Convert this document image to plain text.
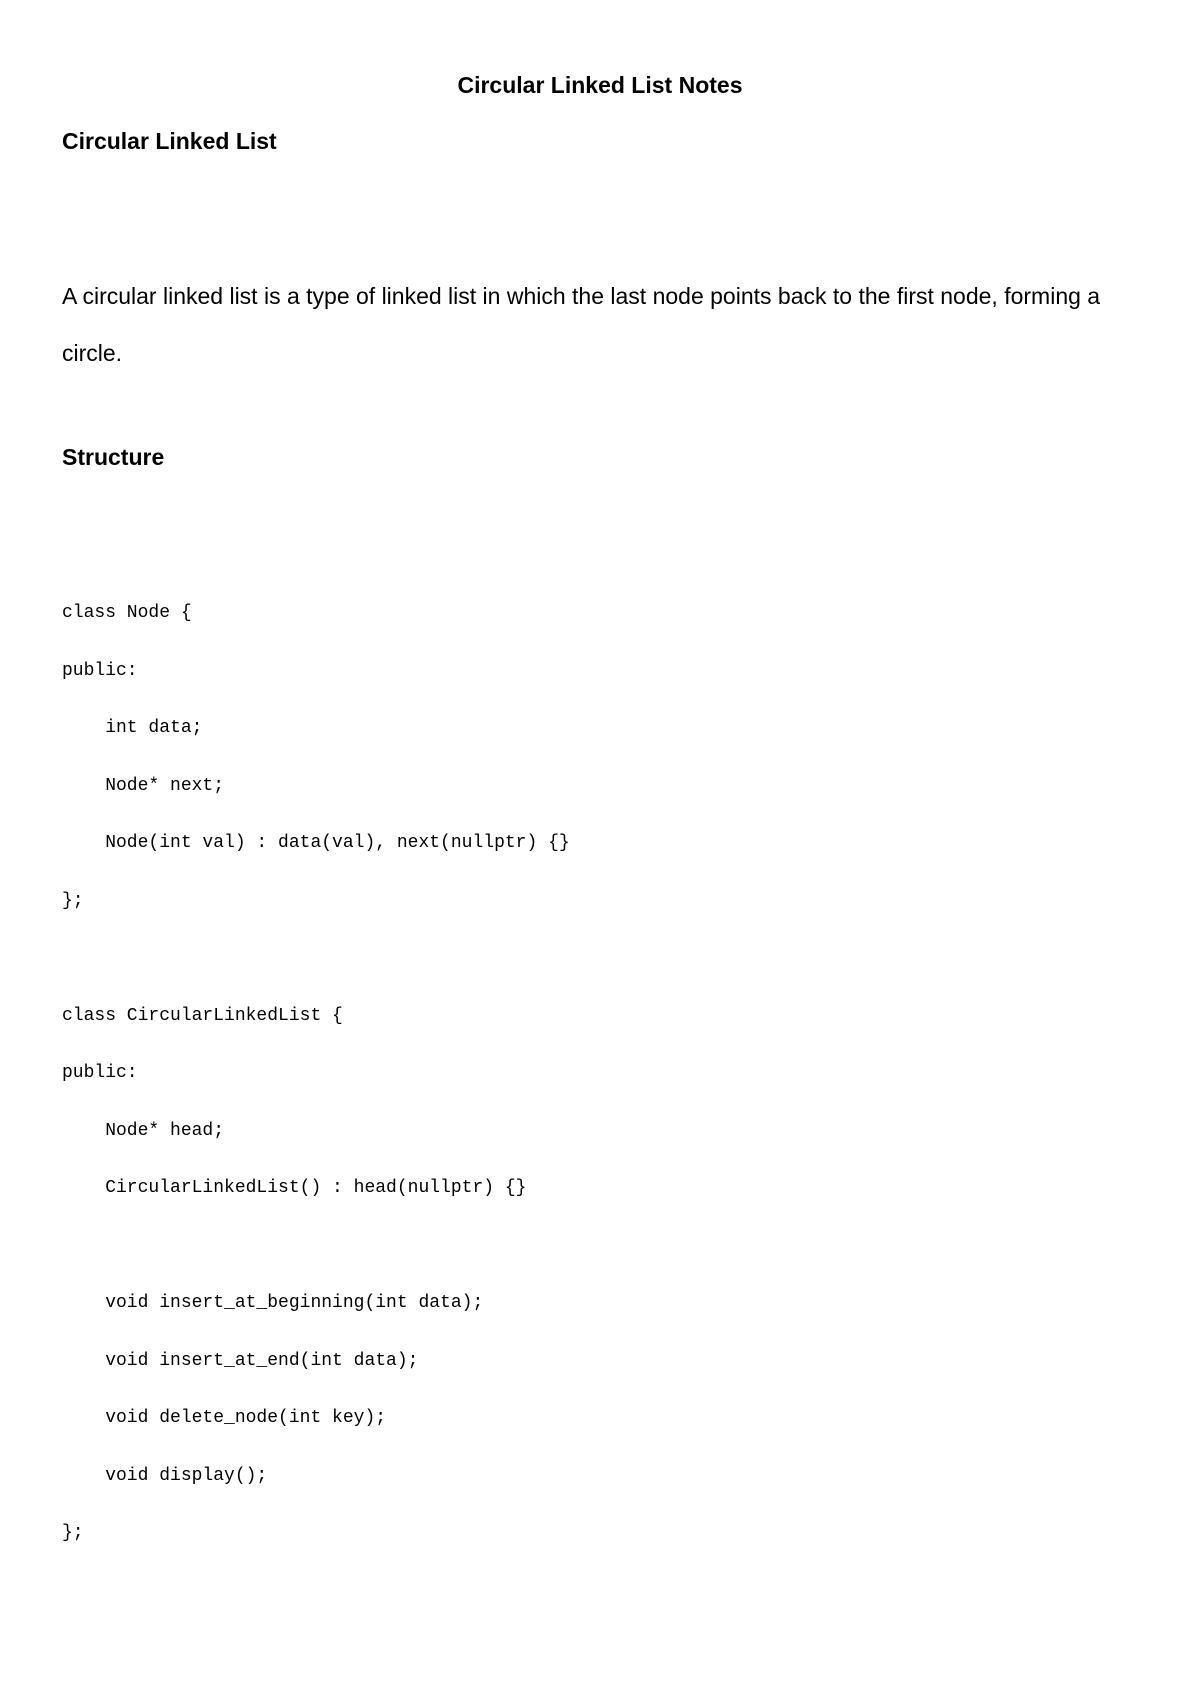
Circular Linked List Notes
Circular Linked List
A circular linked list is a type of linked list in which the last node points back to the first node, forming a circle.
Structure
class Node {
public:
int data;
Node* next;
Node(int val) : data(val), next(nullptr) {}
};
class CircularLinkedList {
public:
Node* head;
CircularLinkedList() : head(nullptr) {}
void insert_at_beginning(int data);
void insert_at_end(int data);
void delete_node(int key);
void display();
};
